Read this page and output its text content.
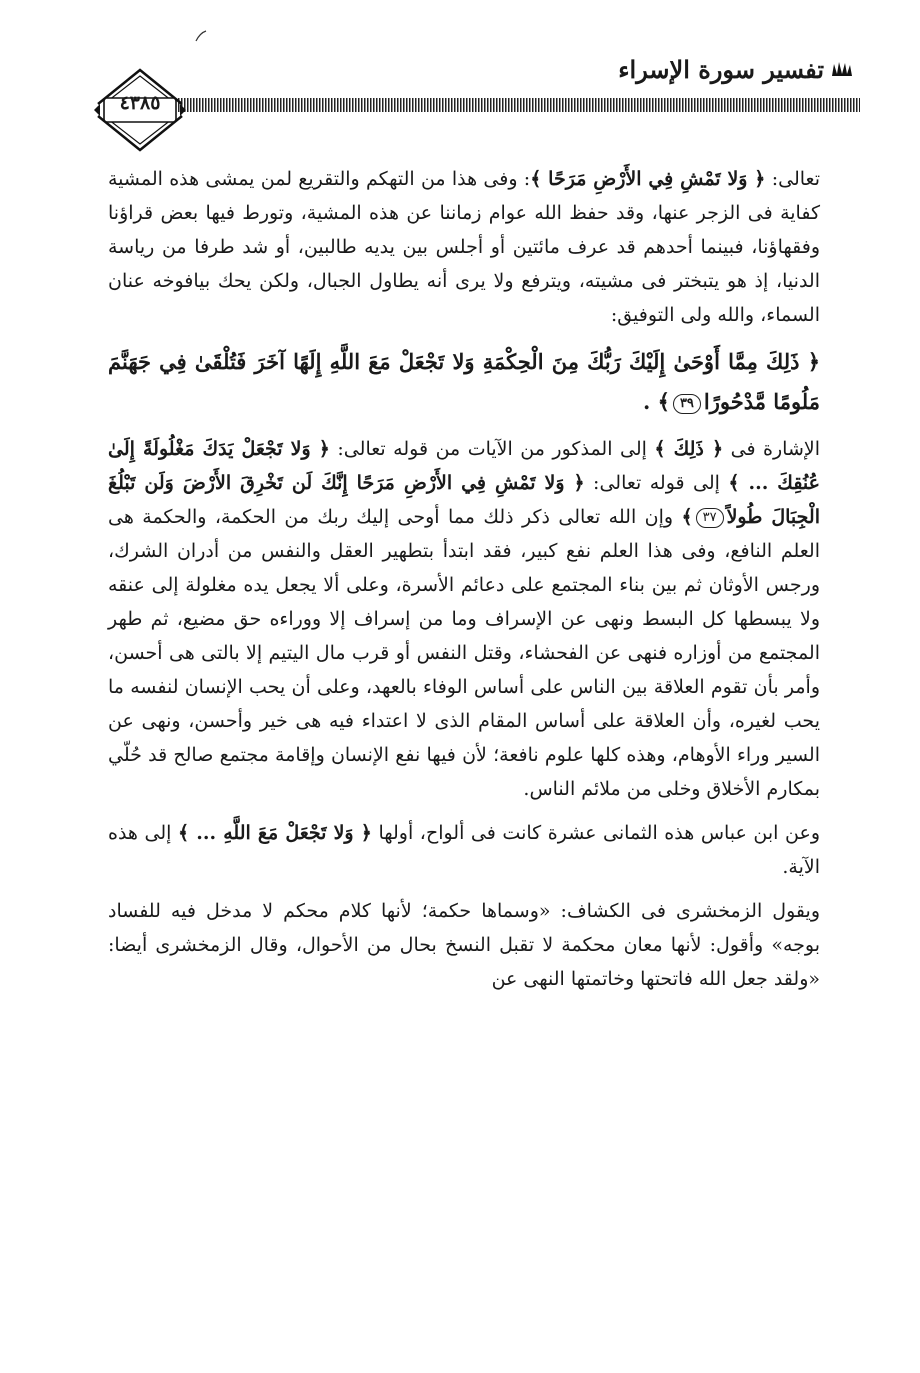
تفسير سورة الإسراء
٤٣٨٥

تعالى: ﴿ وَلا تَمْشِ فِي الأَرْضِ مَرَحًا ﴾: وفى هذا من التهكم والتقريع لمن يمشى هذه المشية كفاية فى الزجر عنها، وقد حفظ الله عوام زماننا عن هذه المشية، وتورط فيها بعض قراؤنا وفقهاؤنا، فبينما أحدهم قد عرف مائتين أو أجلس بين يديه طالبين، أو شد طرفا من رياسة الدنيا، إذ هو يتبختر فى مشيته، ويترفع ولا يرى أنه يطاول الجبال، ولكن يحك بيافوخه عنان السماء، والله ولى التوفيق:

﴿ ذَلِكَ مِمَّا أَوْحَىٰ إِلَيْكَ رَبُّكَ مِنَ الْحِكْمَةِ وَلا تَجْعَلْ مَعَ اللَّهِ إِلَهًا آخَرَ فَتُلْقَىٰ فِي جَهَنَّمَ مَلُومًا مَّدْحُورًا٣٩﴾ .

الإشارة فى ﴿ ذَلِكَ ﴾ إلى المذكور من الآيات من قوله تعالى: ﴿ وَلا تَجْعَلْ يَدَكَ مَغْلُولَةً إِلَىٰ عُنُقِكَ ... ﴾ إلى قوله تعالى: ﴿ وَلا تَمْشِ فِي الأَرْضِ مَرَحًا إِنَّكَ لَن تَخْرِقَ الأَرْضَ وَلَن تَبْلُغَ الْجِبَالَ طُولاً٣٧﴾ وإن الله تعالى ذكر ذلك مما أوحى إليك ربك من الحكمة، والحكمة هى العلم النافع، وفى هذا العلم نفع كبير، فقد ابتدأ بتطهير العقل والنفس من أدران الشرك، ورجس الأوثان ثم بين بناء المجتمع على دعائم الأسرة، وعلى ألا يجعل يده مغلولة إلى عنقه ولا يبسطها كل البسط ونهى عن الإسراف وما من إسراف إلا ووراءه حق مضيع، ثم طهر المجتمع من أوزاره فنهى عن الفحشاء، وقتل النفس أو قرب مال اليتيم إلا بالتى هى أحسن، وأمر بأن تقوم العلاقة بين الناس على أساس الوفاء بالعهد، وعلى أن يحب الإنسان لنفسه ما يحب لغيره، وأن العلاقة على أساس المقام الذى لا اعتداء فيه هى خير وأحسن، ونهى عن السير وراء الأوهام، وهذه كلها علوم نافعة؛ لأن فيها نفع الإنسان وإقامة مجتمع صالح قد حُلّي بمكارم الأخلاق وخلى من ملائم الناس.

وعن ابن عباس هذه الثمانى عشرة كانت فى ألواح، أولها ﴿ وَلا تَجْعَلْ مَعَ اللَّهِ ... ﴾ إلى هذه الآية.

ويقول الزمخشرى فى الكشاف: «وسماها حكمة؛ لأنها كلام محكم لا مدخل فيه للفساد بوجه» وأقول: لأنها معان محكمة لا تقبل النسخ بحال من الأحوال، وقال الزمخشرى أيضا: «ولقد جعل الله فاتحتها وخاتمتها النهى عن
